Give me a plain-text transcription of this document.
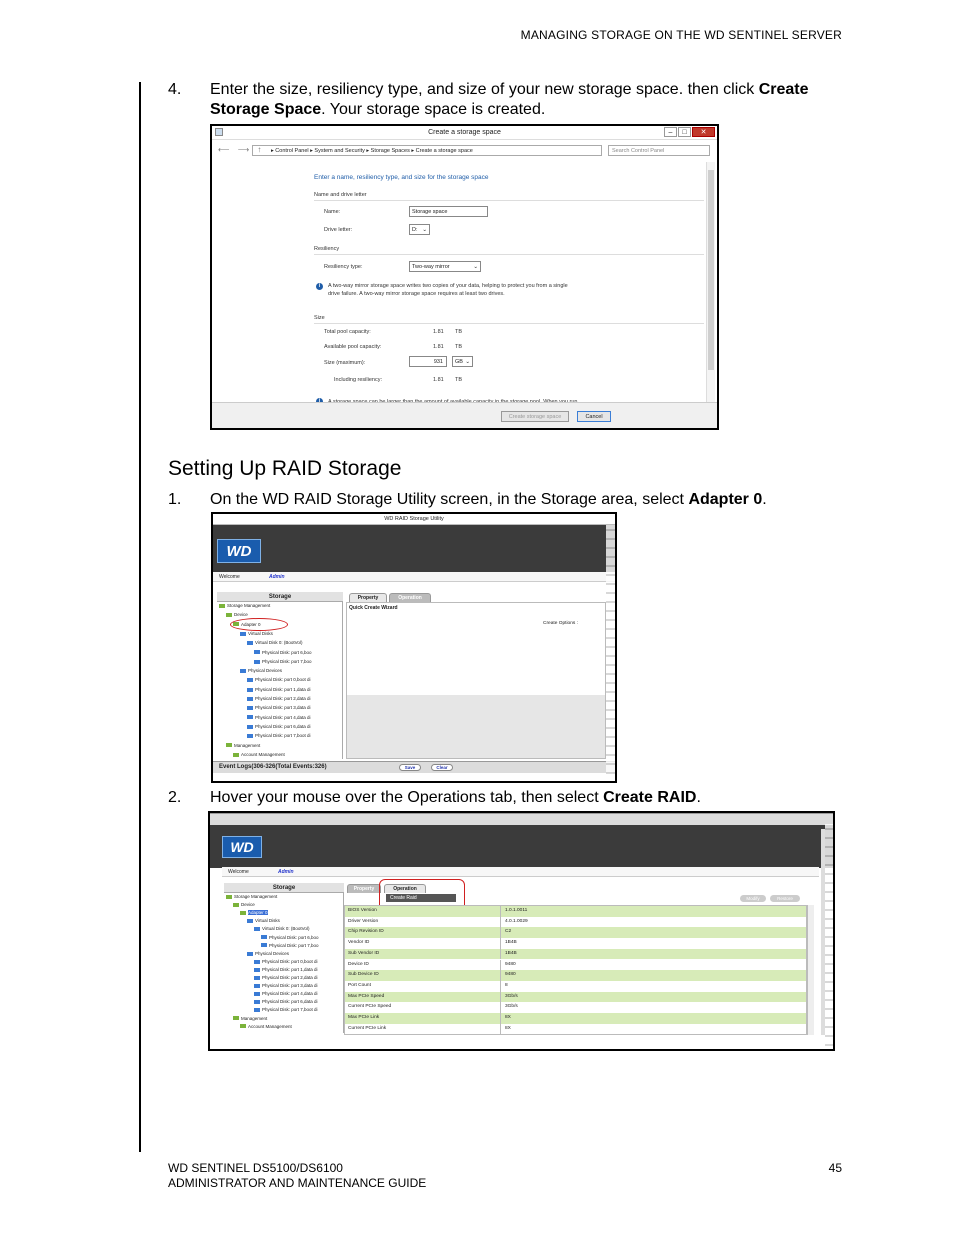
MANAGING STORAGE ON THE WD SENTINEL SERVER
4. Enter the size, resiliency type, and size of your new storage space. then click Create Storage Space. Your storage space is created.
Create a storage space	–	□	✕
⟵ ⟶ ↑	▸ Control Panel ▸ System and Security ▸ Storage Spaces ▸ Create a storage space	Search Control Panel
Enter a name, resiliency type, and size for the storage space
Name and drive letter
Name:	Storage space
Drive letter:	D: ⌄
Resiliency
Resiliency type:	Two-way mirror	⌄
i	A two-way mirror storage space writes two copies of your data, helping to protect you from a single
drive failure. A two-way mirror storage space requires at least two drives.
Size
Total pool capacity:	1.81 TB
Available pool capacity:	1.81 TB
Size (maximum):	931	GB ⌄
Including resiliency:	1.81 TB
i
Create storage space	Cancel
Setting Up RAID Storage
1. On the WD RAID Storage Utility screen, in the Storage area, select Adapter 0.
WD RAID Storage Utility
WD
Welcome	Admin
Storage
Storage Management
Device
Adapter 0
Virtual Disks
Virtual Disk 0: (BootVol)
Physical Disk: port 6,boo
Physical Disk: port 7,boo
Physical Devices
Physical Disk: port 0,boot di
Physical Disk: port 1,data di
Physical Disk: port 2,data di
Physical Disk: port 3,data di
Physical Disk: port 4,data di
Physical Disk: port 6,data di
Physical Disk: port 7,boot di
Management
Account Management
Property	Operation
Quick Create Wizard
Create Options :
Event Logs(306-326(Total Events:326)	Save	Clear
2. Hover your mouse over the Operations tab, then select Create RAID.
WD
Welcome	Admin
Storage
Storage Management
Device
Adapter 0
Virtual Disks
Virtual Disk 0: (BootVol)
Physical Disk: port 6,boo
Physical Disk: port 7,boo
Physical Devices
Physical Disk: port 0,boot di
Physical Disk: port 1,data di
Physical Disk: port 2,data di
Physical Disk: port 3,data di
Physical Disk: port 4,data di
Physical Disk: port 6,data di
Physical Disk: port 7,boot di
Management
Account Management
Property	Operation
Create Raid	Modify	Restore
BIOS Version	1.0.1.0011
Driver Version	4.0.1.0029
Chip Revision ID	C2
Vendor ID	1B4B
Sub Vendor ID	1B4B
Device ID	9480
Sub Device ID	9480
Port Count	8
Max PCIe Speed	3Gb/s
Current PCIe Speed	3Gb/s
Max PCIe Link	8X
Current PCIe Link	8X
WD SENTINEL DS5100/DS6100
ADMINISTRATOR AND MAINTENANCE GUIDE
45
